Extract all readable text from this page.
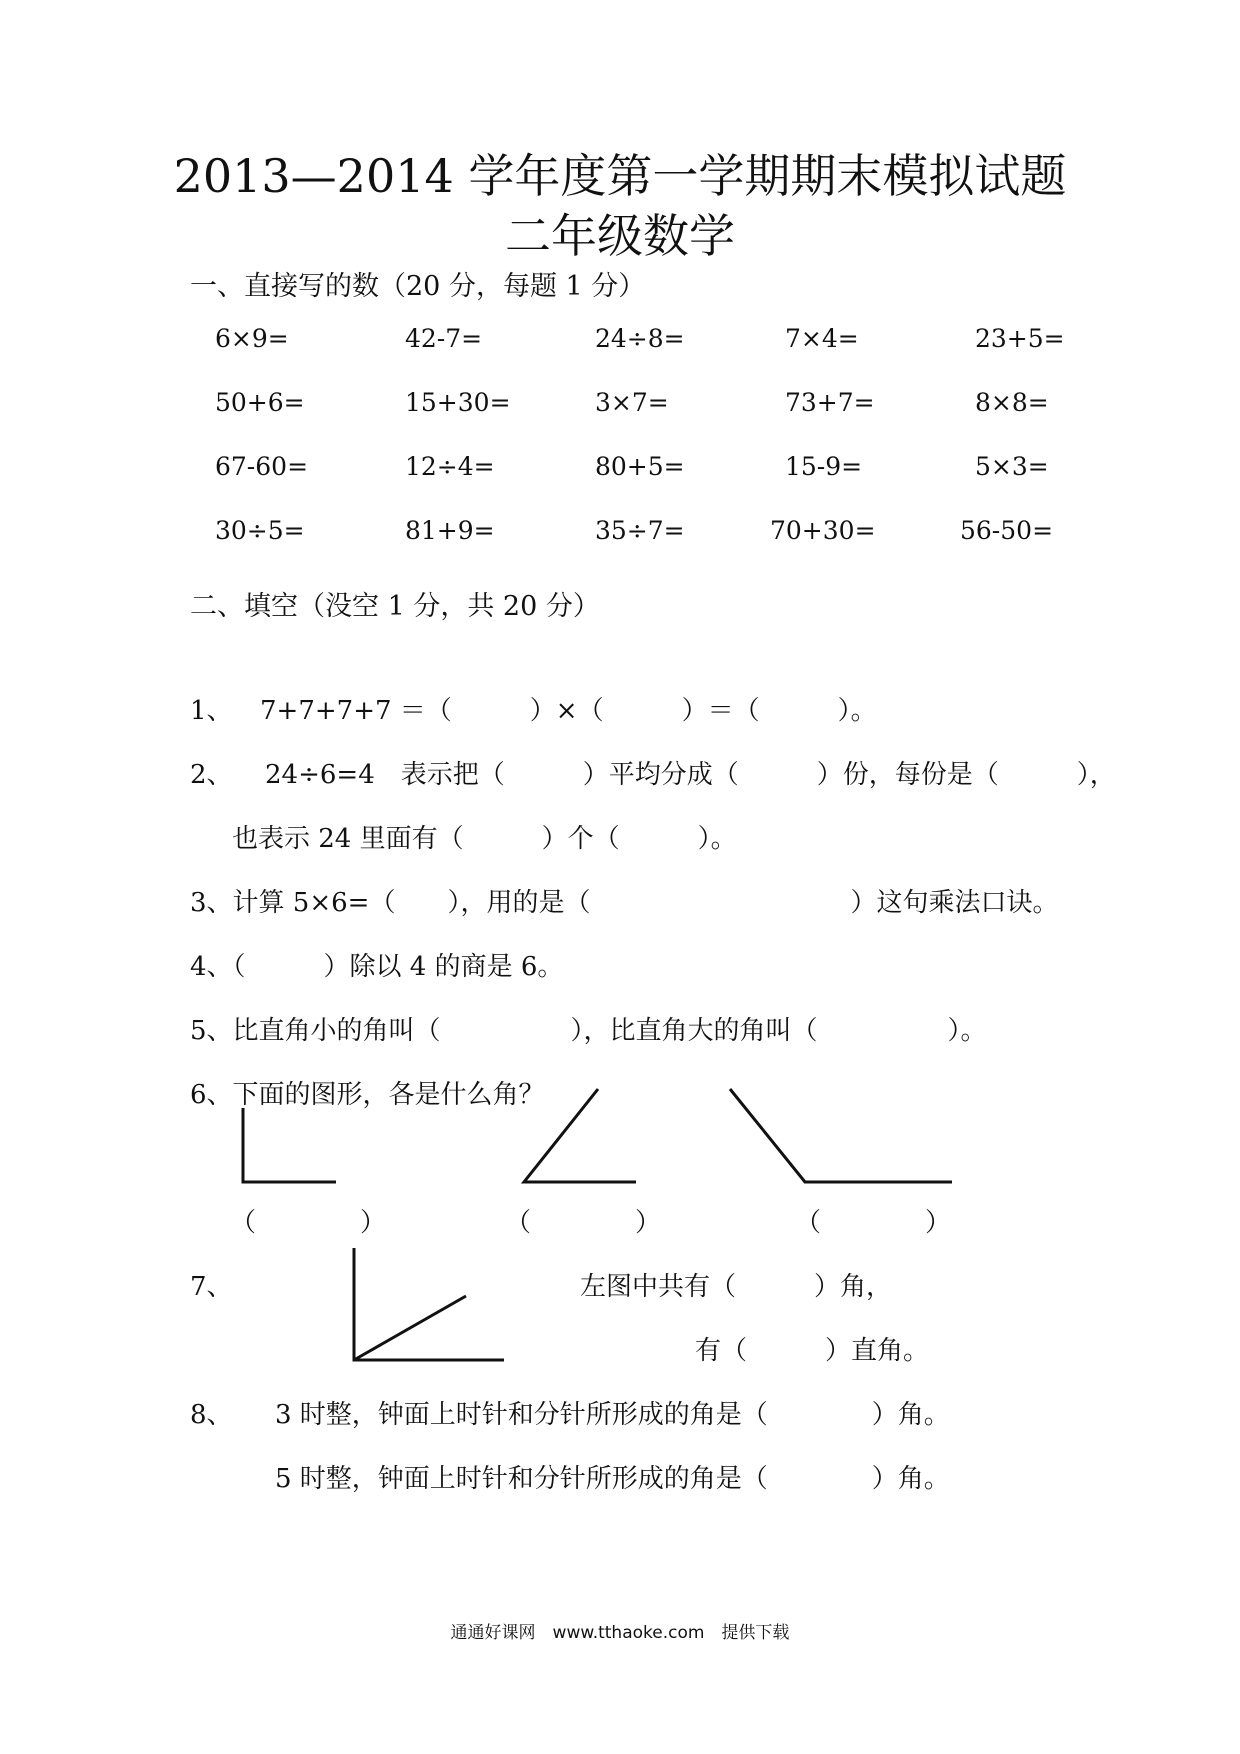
2013—2014 学年度第一学期期末模拟试题
二年级数学
一、直接写的数（20 分，每题 1 分）
6×9=	42-7=	24÷8=	7×4=	23+5=
50+6=	15+30=	3×7=	73+7=	8×8=
67-60=	12÷4=	80+5=	15-9=	5×3=
30÷5=	81+9=	35÷7=	70+30=	56-50=
二、填空（没空 1 分，共 20 分）
1、 7+7+7+7 ＝（　　　）×（　　　）＝（　　　）。
2、 24÷6=4　表示把（　　　）平均分成（　　　）份，每份是（　　　），
也表示 24 里面有（　　　）个（　　　）。
3、计算 5×6=（　　），用的是（　　　　　　　　　　）这句乘法口诀。
4、（　　　）除以 4 的商是 6。
5、比直角小的角叫（　　　　　），比直角大的角叫（　　　　　）。
6、下面的图形，各是什么角？
（　　　　）	（　　　　）	（　　　　）
7、	左图中共有（　　　）角，
有（　　　）直角。
8、 3 时整，钟面上时针和分针所形成的角是（　　　　）角。
5 时整，钟面上时针和分针所形成的角是（　　　　）角。
通通好课网　www.tthaoke.com　提供下载
